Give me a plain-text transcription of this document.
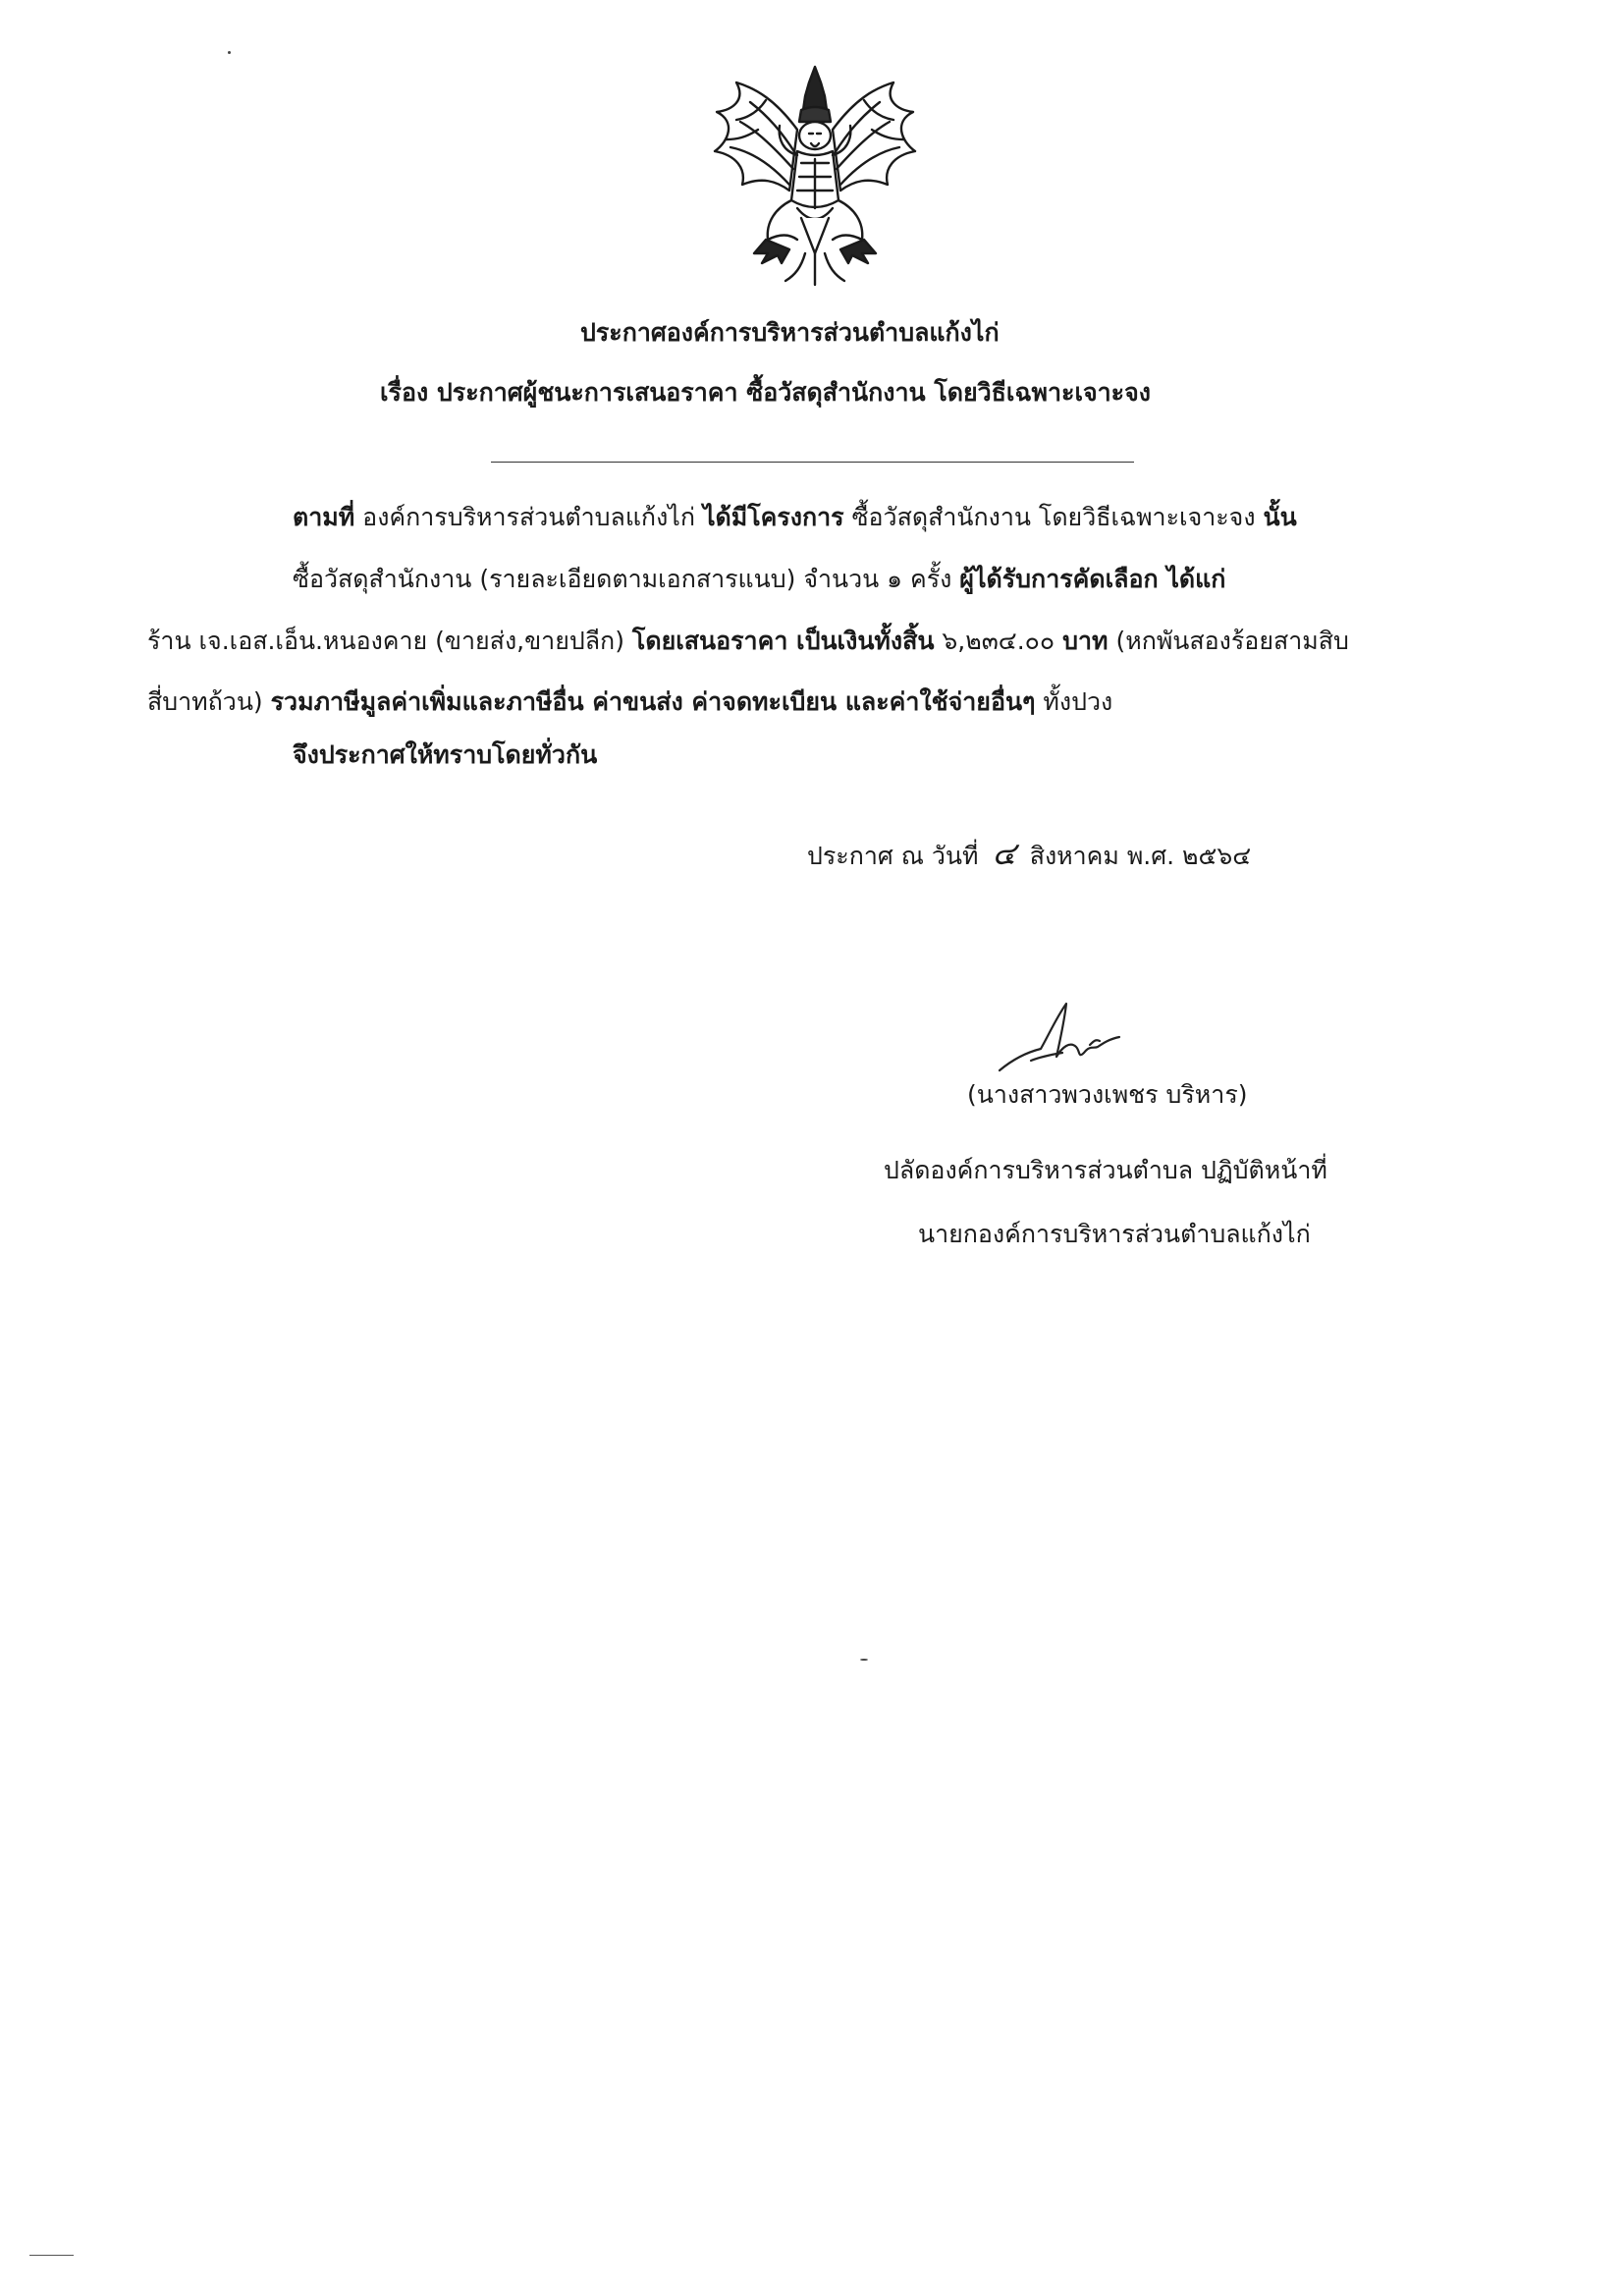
ประกาศองค์การบริหารส่วนตำบลแก้งไก่
เรื่อง ประกาศผู้ชนะการเสนอราคา ซื้อวัสดุสำนักงาน โดยวิธีเฉพาะเจาะจง
ตามที่ องค์การบริหารส่วนตำบลแก้งไก่ ได้มีโครงการ ซื้อวัสดุสำนักงาน โดยวิธีเฉพาะเจาะจง นั้น
ซื้อวัสดุสำนักงาน (รายละเอียดตามเอกสารแนบ) จำนวน ๑ ครั้ง ผู้ได้รับการคัดเลือก ได้แก่
ร้าน เจ.เอส.เอ็น.หนองคาย (ขายส่ง,ขายปลีก) โดยเสนอราคา เป็นเงินทั้งสิ้น ๖,๒๓๔.๐๐ บาท (หกพันสองร้อยสามสิบ
สี่บาทถ้วน) รวมภาษีมูลค่าเพิ่มและภาษีอื่น ค่าขนส่ง ค่าจดทะเบียน และค่าใช้จ่ายอื่นๆ ทั้งปวง
จึงประกาศให้ทราบโดยทั่วกัน
ประกาศ ณ วันที่ ๔ สิงหาคม พ.ศ. ๒๕๖๔
(นางสาวพวงเพชร บริหาร)
ปลัดองค์การบริหารส่วนตำบล ปฏิบัติหน้าที่
นายกองค์การบริหารส่วนตำบลแก้งไก่
